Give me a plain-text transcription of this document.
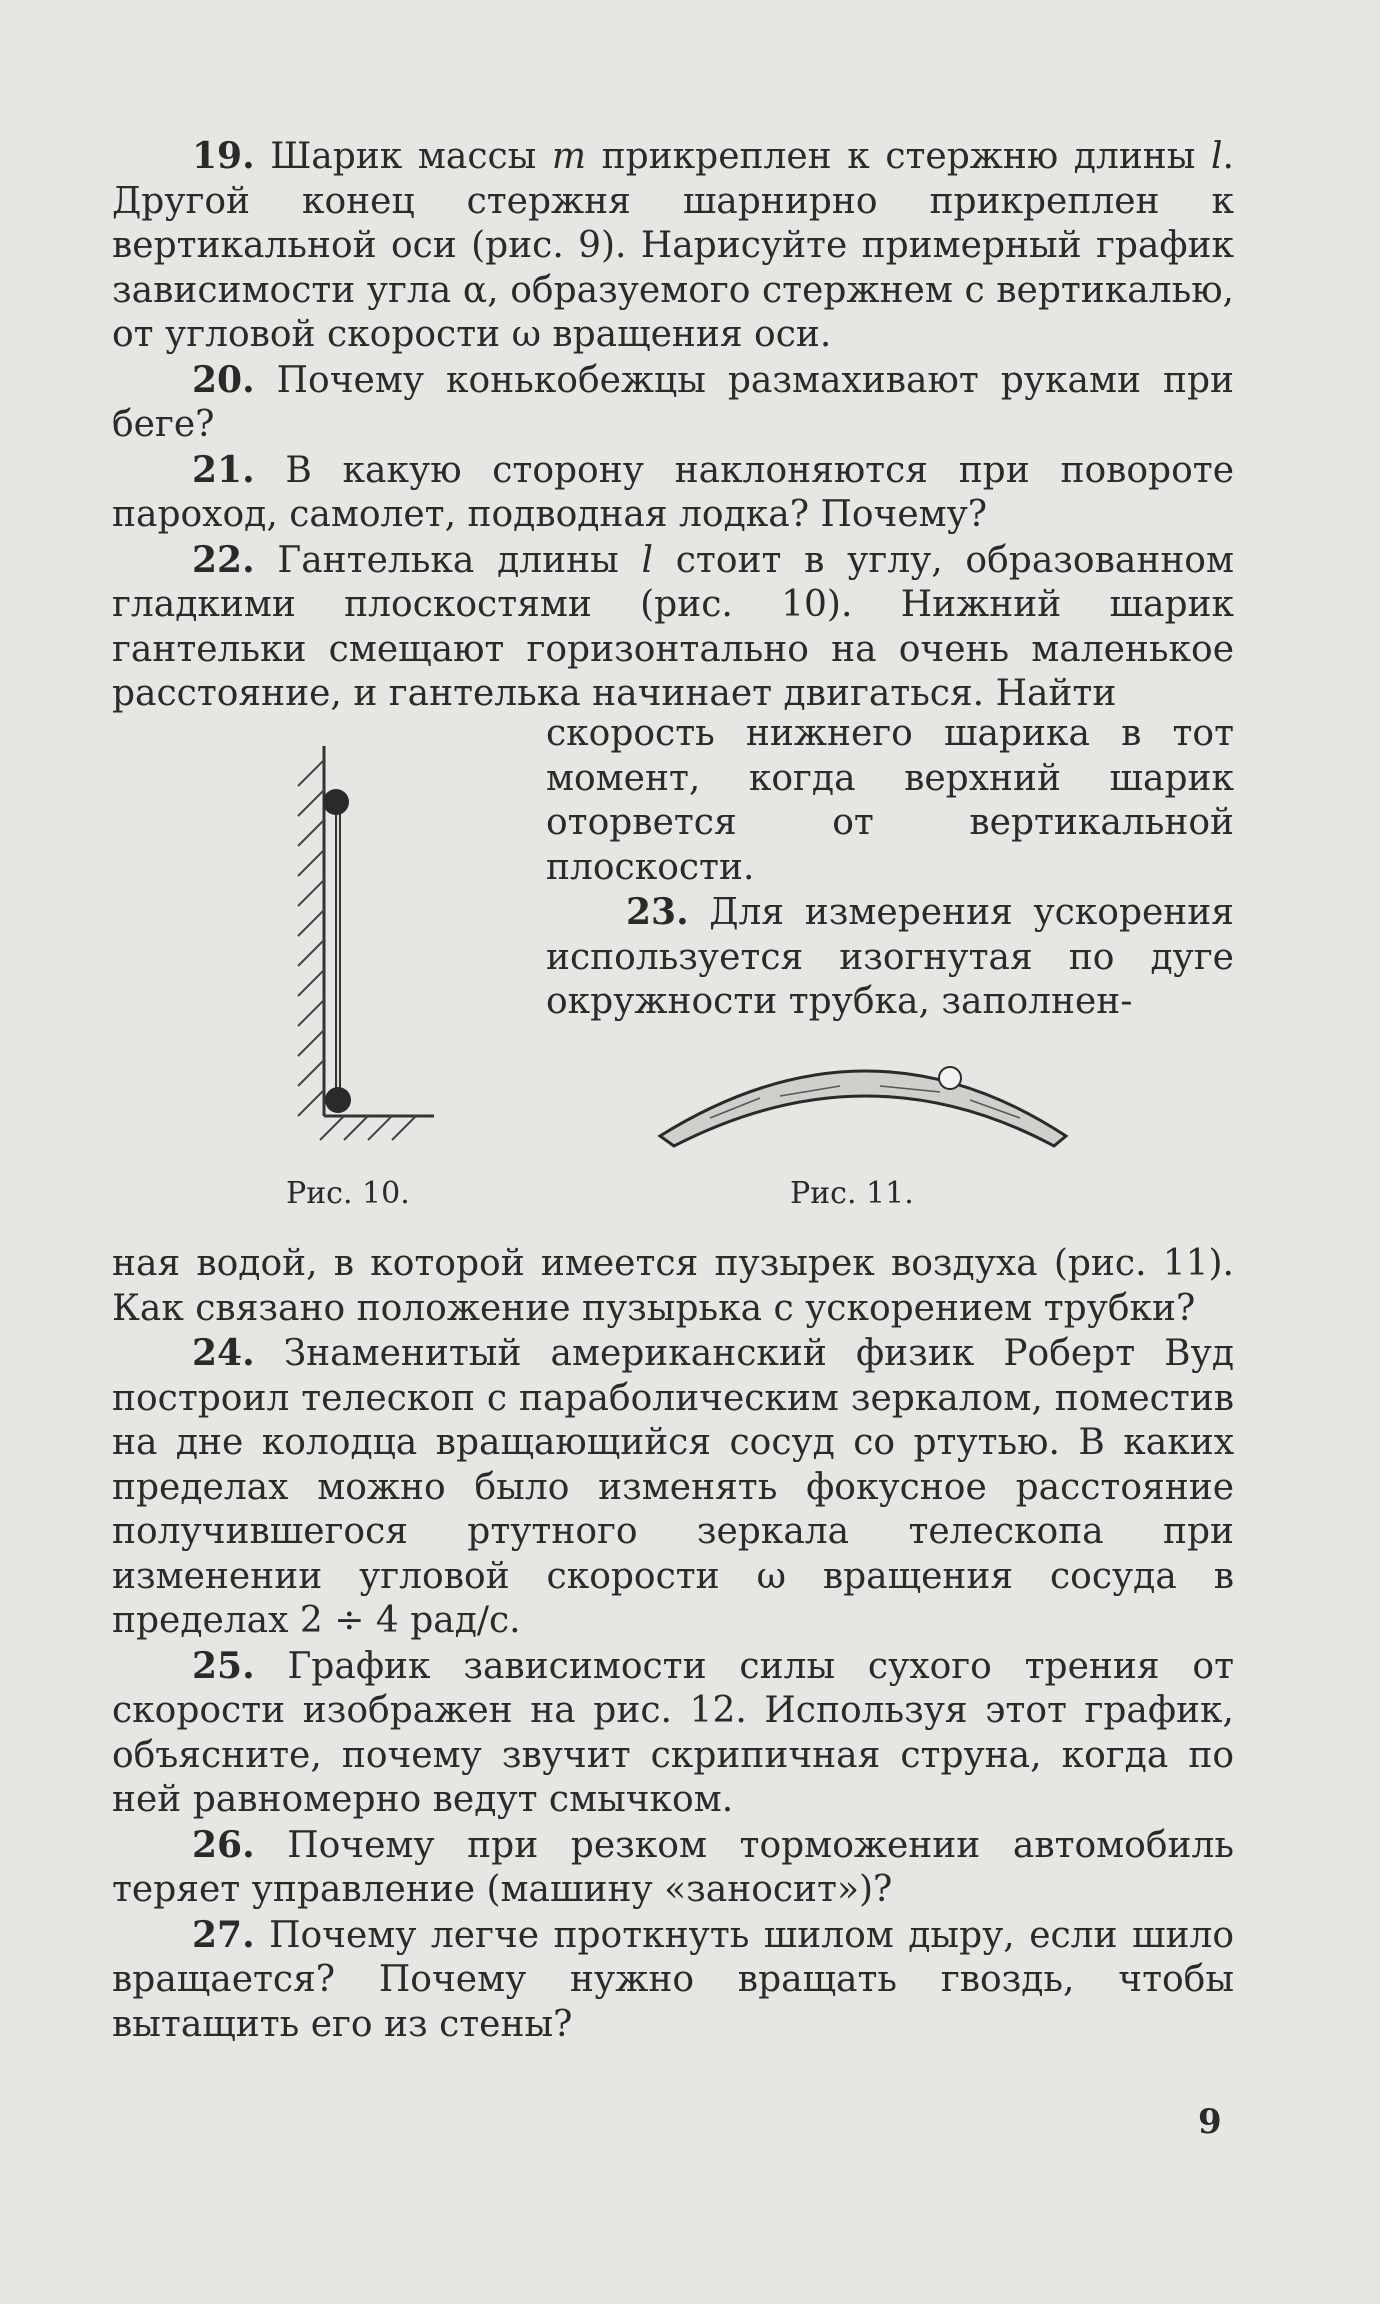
19. Шарик массы m прикреплен к стержню длины l. Другой конец стержня шарнирно прикреплен к вертикальной оси (рис. 9). Нарисуйте примерный график зависимости угла α, образуемого стержнем с вертикалью, от угловой скорости ω вращения оси.

20. Почему конькобежцы размахивают руками при беге?

21. В какую сторону наклоняются при повороте пароход, самолет, подводная лодка? Почему?

22. Гантелька длины l стоит в углу, образованном гладкими плоскостями (рис. 10). Нижний шарик гантельки смещают горизонтально на очень маленькое расстояние, и гантелька начинает двигаться. Найти

скорость нижнего шарика в тот момент, когда верхний шарик оторвется от вертикальной плоскости.

23. Для измерения ускорения используется изогнутая по дуге окружности трубка, заполнен-

Рис. 10.	Рис. 11.

ная водой, в которой имеется пузырек воздуха (рис. 11). Как связано положение пузырька с ускорением трубки?

24. Знаменитый американский физик Роберт Вуд построил телескоп с параболическим зеркалом, поместив на дне колодца вращающийся сосуд со ртутью. В каких пределах можно было изменять фокусное расстояние получившегося ртутного зеркала телескопа при изменении угловой скорости ω вращения сосуда в пределах 2 ÷ 4 рад/с.

25. График зависимости силы сухого трения от скорости изображен на рис. 12. Используя этот график, объясните, почему звучит скрипичная струна, когда по ней равномерно ведут смычком.

26. Почему при резком торможении автомобиль теряет управление (машину «заносит»)?

27. Почему легче проткнуть шилом дыру, если шило вращается? Почему нужно вращать гвоздь, чтобы вытащить его из стены?

9
